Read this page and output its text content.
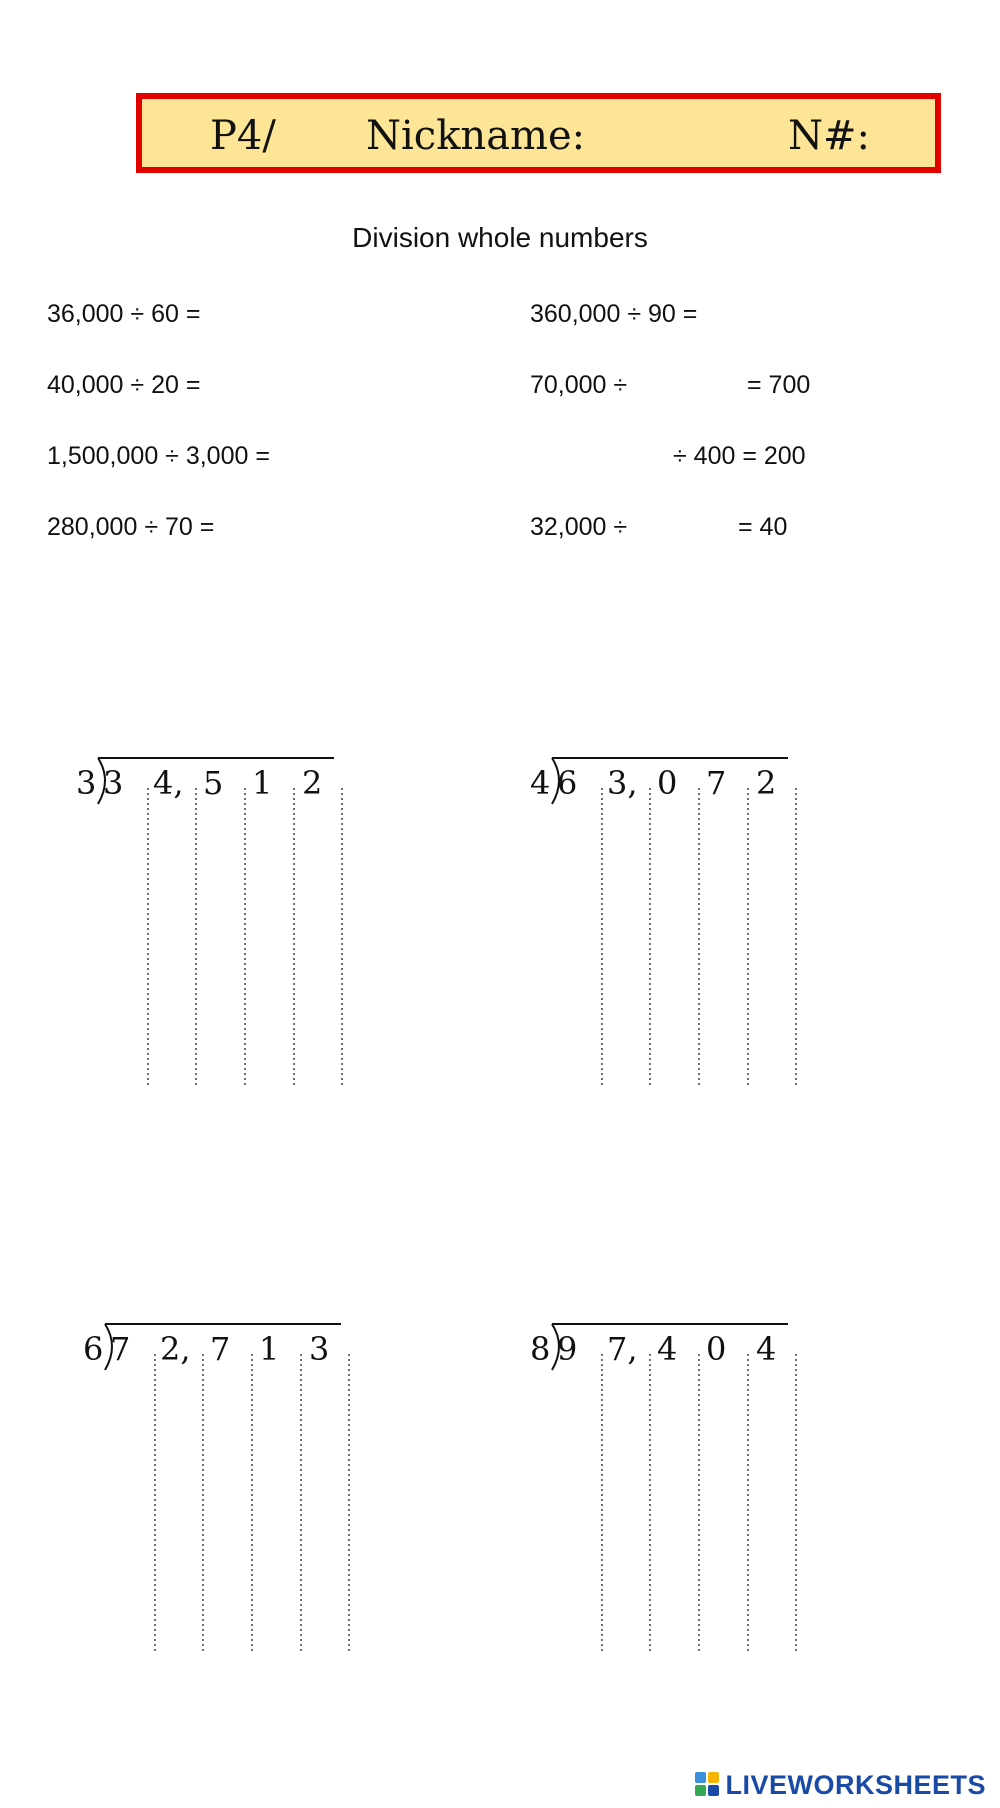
P4/ Nickname:	N#:
Division whole numbers
36,000 ÷ 60 =
40,000 ÷ 20 =
1,500,000 ÷ 3,000 =
280,000 ÷ 70 =
360,000 ÷ 90 =
70,000 ÷	= 700
÷ 400 = 200
32,000 ÷	= 40
3 3 4, 5 1 2	4 6 3, 0 7 2
6 7 2, 7 1 3	8 9 7, 4 0 4
LIVEWORKSHEETS
